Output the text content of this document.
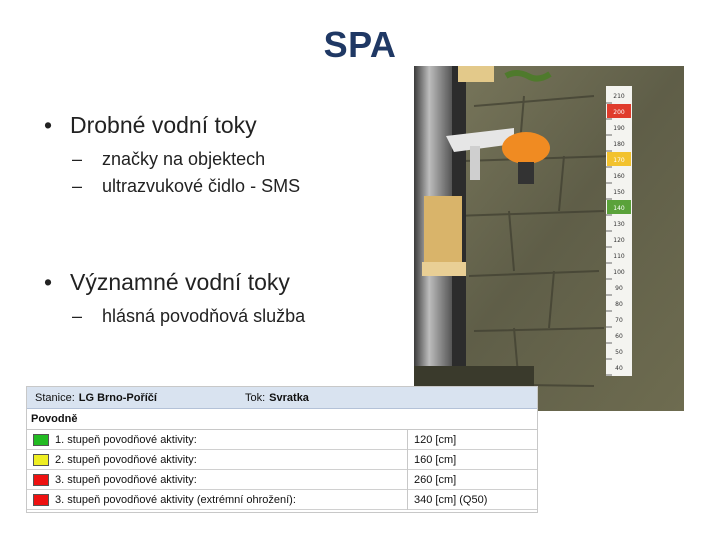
SPA

• Drobné vodní toky

– značky na objektech

– ultrazvukové čidlo - SMS

• Významné vodní toky

– hlásná povodňová služba

210
200
190
180
170
160
150
140
130
120
110
100
90
80
70
60
50
40
Stanice: LG Brno-Poříčí	Tok: Svratka
Povodně
1. stupeň povodňové aktivity:	120 [cm]
2. stupeň povodňové aktivity:	160 [cm]
3. stupeň povodňové aktivity:	260 [cm]
3. stupeň povodňové aktivity (extrémní ohrožení):	340 [cm] (Q50)
